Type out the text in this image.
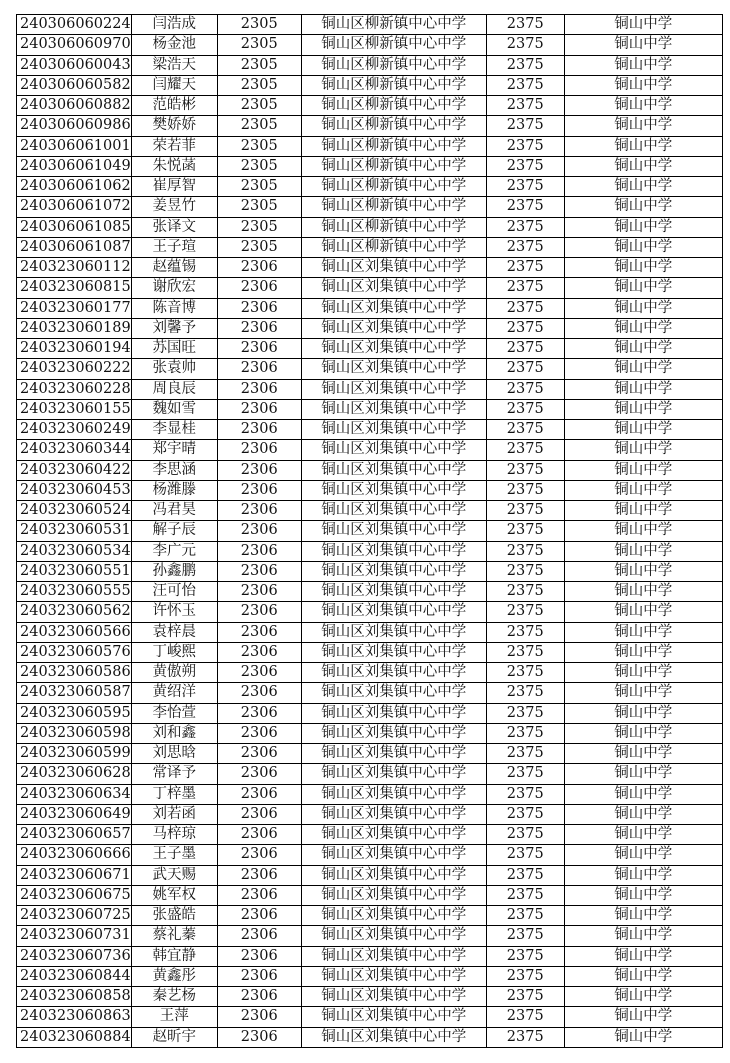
240306060224	闫浩成	2305	铜山区柳新镇中心中学	2375	铜山中学
240306060970	杨金池	2305	铜山区柳新镇中心中学	2375	铜山中学
240306060043	梁浩天	2305	铜山区柳新镇中心中学	2375	铜山中学
240306060582	闫耀天	2305	铜山区柳新镇中心中学	2375	铜山中学
240306060882	范皓彬	2305	铜山区柳新镇中心中学	2375	铜山中学
240306060986	樊娇娇	2305	铜山区柳新镇中心中学	2375	铜山中学
240306061001	荣若菲	2305	铜山区柳新镇中心中学	2375	铜山中学
240306061049	朱悦菡	2305	铜山区柳新镇中心中学	2375	铜山中学
240306061062	崔厚智	2305	铜山区柳新镇中心中学	2375	铜山中学
240306061072	姜昱竹	2305	铜山区柳新镇中心中学	2375	铜山中学
240306061085	张译文	2305	铜山区柳新镇中心中学	2375	铜山中学
240306061087	王子瑄	2305	铜山区柳新镇中心中学	2375	铜山中学
240323060112	赵蕴锡	2306	铜山区刘集镇中心中学	2375	铜山中学
240323060815	谢欣宏	2306	铜山区刘集镇中心中学	2375	铜山中学
240323060177	陈音博	2306	铜山区刘集镇中心中学	2375	铜山中学
240323060189	刘馨予	2306	铜山区刘集镇中心中学	2375	铜山中学
240323060194	苏国旺	2306	铜山区刘集镇中心中学	2375	铜山中学
240323060222	张袁帅	2306	铜山区刘集镇中心中学	2375	铜山中学
240323060228	周良辰	2306	铜山区刘集镇中心中学	2375	铜山中学
240323060155	魏如雪	2306	铜山区刘集镇中心中学	2375	铜山中学
240323060249	李显桂	2306	铜山区刘集镇中心中学	2375	铜山中学
240323060344	郑宇晴	2306	铜山区刘集镇中心中学	2375	铜山中学
240323060422	李思涵	2306	铜山区刘集镇中心中学	2375	铜山中学
240323060453	杨潍滕	2306	铜山区刘集镇中心中学	2375	铜山中学
240323060524	冯君昊	2306	铜山区刘集镇中心中学	2375	铜山中学
240323060531	解子辰	2306	铜山区刘集镇中心中学	2375	铜山中学
240323060534	李广元	2306	铜山区刘集镇中心中学	2375	铜山中学
240323060551	孙鑫鹏	2306	铜山区刘集镇中心中学	2375	铜山中学
240323060555	汪可怡	2306	铜山区刘集镇中心中学	2375	铜山中学
240323060562	许怀玉	2306	铜山区刘集镇中心中学	2375	铜山中学
240323060566	袁梓晨	2306	铜山区刘集镇中心中学	2375	铜山中学
240323060576	丁峻熙	2306	铜山区刘集镇中心中学	2375	铜山中学
240323060586	黄傲朔	2306	铜山区刘集镇中心中学	2375	铜山中学
240323060587	黄绍洋	2306	铜山区刘集镇中心中学	2375	铜山中学
240323060595	李怡萱	2306	铜山区刘集镇中心中学	2375	铜山中学
240323060598	刘和鑫	2306	铜山区刘集镇中心中学	2375	铜山中学
240323060599	刘思晗	2306	铜山区刘集镇中心中学	2375	铜山中学
240323060628	常译予	2306	铜山区刘集镇中心中学	2375	铜山中学
240323060634	丁梓墨	2306	铜山区刘集镇中心中学	2375	铜山中学
240323060649	刘若函	2306	铜山区刘集镇中心中学	2375	铜山中学
240323060657	马梓琼	2306	铜山区刘集镇中心中学	2375	铜山中学
240323060666	王子墨	2306	铜山区刘集镇中心中学	2375	铜山中学
240323060671	武天赐	2306	铜山区刘集镇中心中学	2375	铜山中学
240323060675	姚军权	2306	铜山区刘集镇中心中学	2375	铜山中学
240323060725	张盛皓	2306	铜山区刘集镇中心中学	2375	铜山中学
240323060731	蔡礼蓁	2306	铜山区刘集镇中心中学	2375	铜山中学
240323060736	韩宜静	2306	铜山区刘集镇中心中学	2375	铜山中学
240323060844	黄鑫彤	2306	铜山区刘集镇中心中学	2375	铜山中学
240323060858	秦艺杨	2306	铜山区刘集镇中心中学	2375	铜山中学
240323060863	王萍	2306	铜山区刘集镇中心中学	2375	铜山中学
240323060884	赵昕宇	2306	铜山区刘集镇中心中学	2375	铜山中学
